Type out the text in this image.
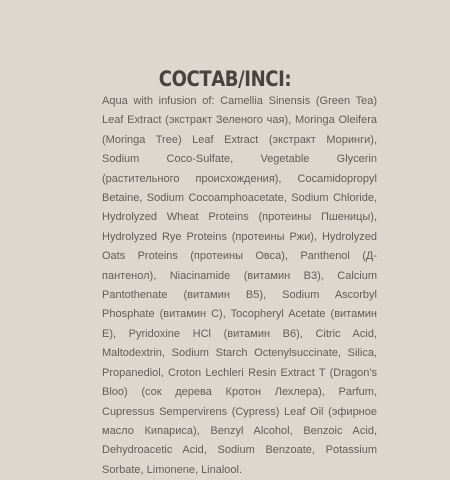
СОСТАВ/INCI:
Aqua with infusion of: Camellia Sinensis (Green Tea) Leaf Extract (экстракт Зеленого чая), Moringa Oleifera (Moringa Tree) Leaf Extract (экстракт Моринги), Sodium Coco-Sulfate, Vegetable Glycerin (растительного происхождения), Cocamidopropyl Betaine, Sodium Cocoamphoacetate, Sodium Chloride, Hydrolyzed Wheat Proteins (протеины Пшеницы), Hydrolyzed Rye Proteins (протеины Ржи), Hydrolyzed Oats Proteins (протеины Овса), Panthenol (Д-пантенол), Niacinamide (витамин В3), Calcium Pantothenate (витамин В5), Sodium Ascorbyl Phosphate (витамин С), Tocopheryl Acetate (витамин Е), Pyridoxine HCl (витамин В6), Citric Acid, Maltodextrin, Sodium Starch Octenylsuccinate, Silica, Propanediol, Croton Lechleri Resin Extract T (Dragon's Bloo) (сок дерева Кротон Лехлера), Parfum, Cupressus Sempervirens (Cypress) Leaf Oil (эфирное масло Кипариса), Benzyl Alcohol, Benzoic Acid, Dehydroacetic Acid, Sodium Benzoate, Potassium Sorbate, Limonene, Linalool.
